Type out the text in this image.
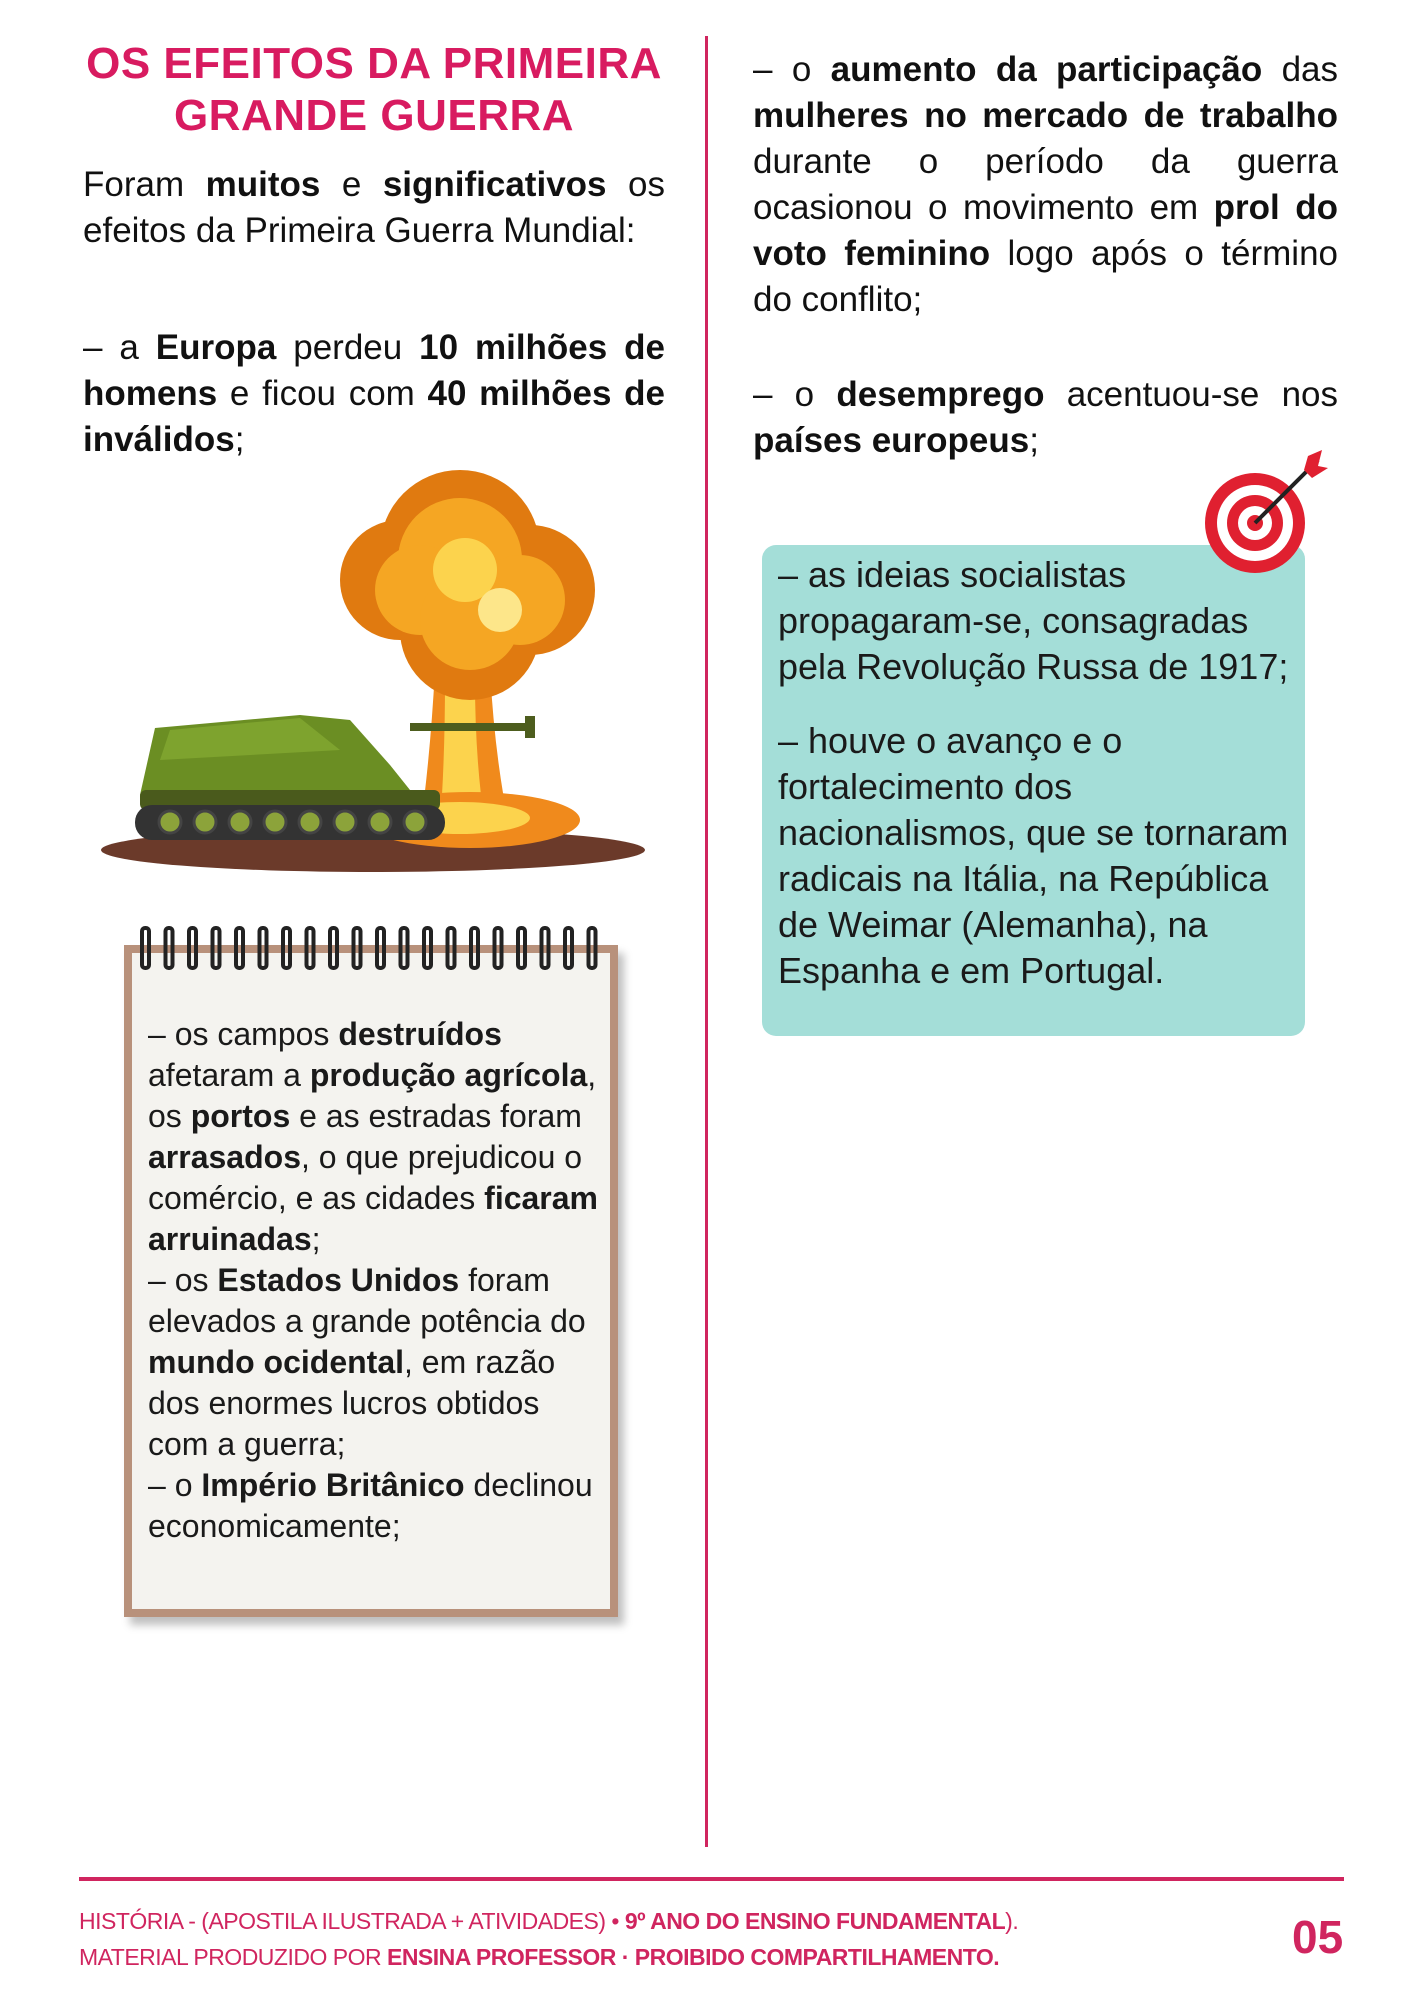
OS EFEITOS DA PRIMEIRA
GRANDE GUERRA

Foram muitos e significativos os efeitos da Primeira Guerra Mundial:

– a Europa perdeu 10 milhões de homens e ficou com 40 milhões de inválidos;

– os campos destruídos afetaram a produção agrícola, os portos e as estradas foram arrasados, o que prejudicou o comércio, e as cidades ficaram arruinadas;
– os Estados Unidos foram elevados a grande potência do mundo ocidental, em razão dos enormes lucros obtidos com a guerra;
– o Império Britânico declinou economicamente;

– o aumento da participação das mulheres no mercado de trabalho durante o período da guerra ocasionou o movimento em prol do voto feminino logo após o término do conflito;

– o desemprego acentuou-se nos países europeus;

– as ideias socialistas propagaram-se, consagradas pela Revolução Russa de 1917;
– houve o avanço e o fortalecimento dos nacionalismos, que se tornaram radicais na Itália, na República de Weimar (Alemanha), na Espanha e em Portugal.
HISTÓRIA - (APOSTILA ILUSTRADA + ATIVIDADES) • 9º ANO DO ENSINO FUNDAMENTAL).
MATERIAL PRODUZIDO POR ENSINA PROFESSOR · PROIBIDO COMPARTILHAMENTO.	05
